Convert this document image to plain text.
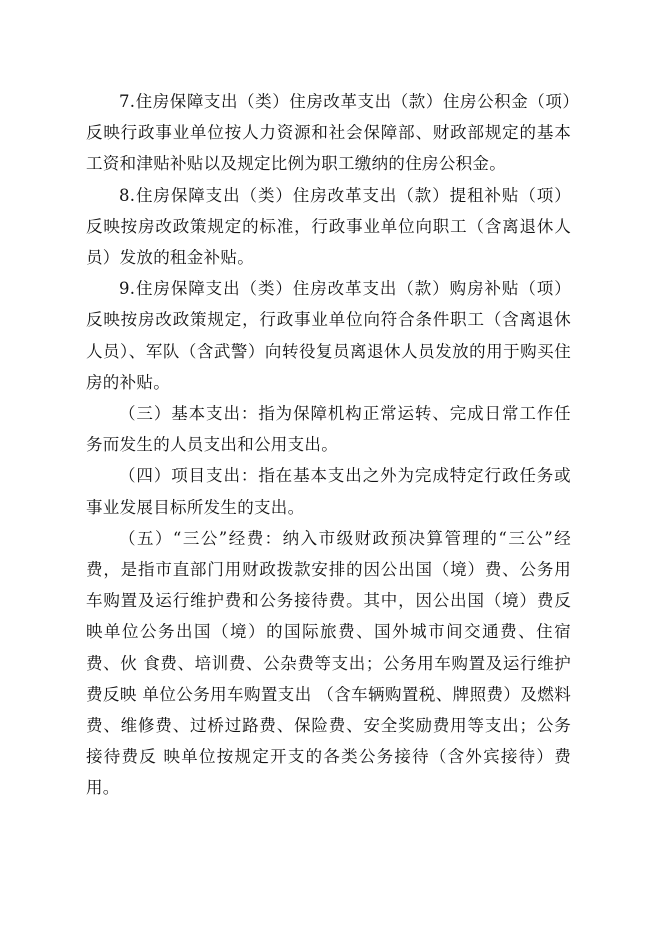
7.住房保障支出（类）住房改革支出（款）住房公积金（项）反映行政事业单位按人力资源和社会保障部、财政部规定的基本工资和津贴补贴以及规定比例为职工缴纳的住房公积金。

8.住房保障支出（类）住房改革支出（款）提租补贴（项）反映按房改政策规定的标准，行政事业单位向职工（含离退休人员）发放的租金补贴。

9.住房保障支出（类）住房改革支出（款）购房补贴（项）反映按房改政策规定，行政事业单位向符合条件职工（含离退休人员）、军队（含武警）向转役复员离退休人员发放的用于购买住房的补贴。

（三）基本支出：指为保障机构正常运转、完成日常工作任务而发生的人员支出和公用支出。

（四）项目支出：指在基本支出之外为完成特定行政任务或事业发展目标所发生的支出。

（五）“三公”经费：纳入市级财政预决算管理的“三公”经费，是指市直部门用财政拨款安排的因公出国（境）费、公务用　车购置及运行维护费和公务接待费。其中，因公出国（境）费反映单位公务出国（境）的国际旅费、国外城市间交通费、住宿费、伙 食费、培训费、公杂费等支出；公务用车购置及运行维护费反映 单位公务用车购置支出 （含车辆购置税、牌照费）及燃料费、维修费、过桥过路费、保险费、安全奖励费用等支出；公务接待费反 映单位按规定开支的各类公务接待（含外宾接待）费用。
